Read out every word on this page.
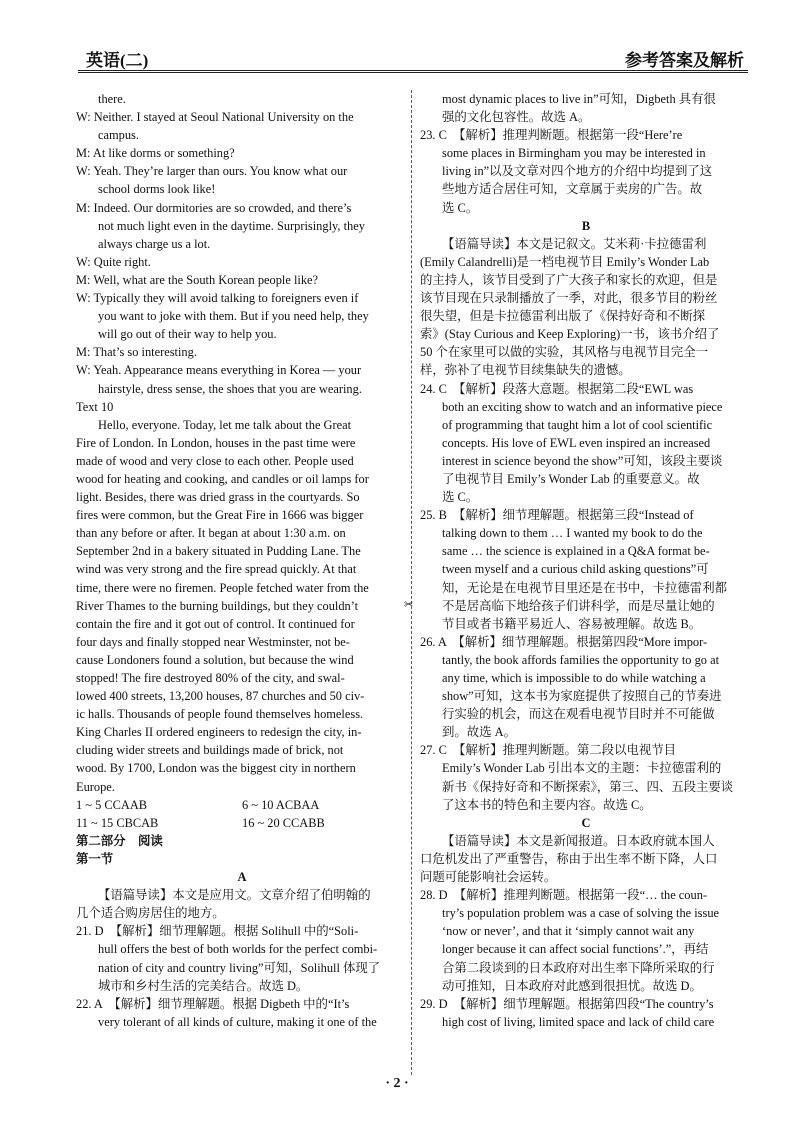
英语(二)	参考答案及解析
there.
W: Neither. I stayed at Seoul National University on the
campus.
M: At like dorms or something?
W: Yeah. They’re larger than ours. You know what our
school dorms look like!
M: Indeed. Our dormitories are so crowded, and there’s
not much light even in the daytime. Surprisingly, they
always charge us a lot.
W: Quite right.
M: Well, what are the South Korean people like?
W: Typically they will avoid talking to foreigners even if
you want to joke with them. But if you need help, they
will go out of their way to help you.
M: That’s so interesting.
W: Yeah. Appearance means everything in Korea — your
hairstyle, dress sense, the shoes that you are wearing.
Text 10
Hello, everyone. Today, let me talk about the Great
Fire of London. In London, houses in the past time were
made of wood and very close to each other. People used
wood for heating and cooking, and candles or oil lamps for
light. Besides, there was dried grass in the courtyards. So
fires were common, but the Great Fire in 1666 was bigger
than any before or after. It began at about 1:30 a.m. on
September 2nd in a bakery situated in Pudding Lane. The
wind was very strong and the fire spread quickly. At that
time, there were no firemen. People fetched water from the
River Thames to the burning buildings, but they couldn’t
contain the fire and it got out of control. It continued for
four days and finally stopped near Westminster, not be-
cause Londoners found a solution, but because the wind
stopped! The fire destroyed 80% of the city, and swal-
lowed 400 streets, 13,200 houses, 87 churches and 50 civ-
ic halls. Thousands of people found themselves homeless.
King Charles II ordered engineers to redesign the city, in-
cluding wider streets and buildings made of brick, not
wood. By 1700, London was the biggest city in northern
Europe.
1 ~ 5 CCAAB	6 ~ 10 ACBAA
11 ~ 15 CBCAB	16 ~ 20 CCABB
第二部分　阅读
第一节
A
【语篇导读】本文是应用文。文章介绍了伯明翰的
几个适合购房居住的地方。
21. D　【解析】细节理解题。根据 Solihull 中的“Soli-
hull offers the best of both worlds for the perfect combi-
nation of city and country living”可知，Solihull 体现了
城市和乡村生活的完美结合。故选 D。
22. A　【解析】细节理解题。根据 Digbeth 中的“It’s
very tolerant of all kinds of culture, making it one of the
✂
most dynamic places to live in”可知，Digbeth 具有很
强的文化包容性。故选 A。
23. C　【解析】推理判断题。根据第一段“Here’re
some places in Birmingham you may be interested in
living in”以及文章对四个地方的介绍中均提到了这
些地方适合居住可知，文章属于卖房的广告。故
选 C。
B
【语篇导读】本文是记叙文。艾米莉·卡拉德雷利
(Emily Calandrelli)是一档电视节目 Emily’s Wonder Lab
的主持人，该节目受到了广大孩子和家长的欢迎，但是
该节目现在只录制播放了一季，对此，很多节目的粉丝
很失望，但是卡拉德雷利出版了《保持好奇和不断探
索》(Stay Curious and Keep Exploring)一书，该书介绍了
50 个在家里可以做的实验，其风格与电视节目完全一
样，弥补了电视节目续集缺失的遗憾。
24. C　【解析】段落大意题。根据第二段“EWL was
both an exciting show to watch and an informative piece
of programming that taught him a lot of cool scientific
concepts. His love of EWL even inspired an increased
interest in science beyond the show”可知，该段主要谈
了电视节目 Emily’s Wonder Lab 的重要意义。故
选 C。
25. B　【解析】细节理解题。根据第三段“Instead of
talking down to them … I wanted my book to do the
same … the science is explained in a Q&A format be-
tween myself and a curious child asking questions”可
知，无论是在电视节目里还是在书中，卡拉德雷利都
不是居高临下地给孩子们讲科学，而是尽量让她的
节目或者书籍平易近人、容易被理解。故选 B。
26. A　【解析】细节理解题。根据第四段“More impor-
tantly, the book affords families the opportunity to go at
any time, which is impossible to do while watching a
show”可知，这本书为家庭提供了按照自己的节奏进
行实验的机会，而这在观看电视节目时并不可能做
到。故选 A。
27. C　【解析】推理判断题。第二段以电视节目
Emily’s Wonder Lab 引出本文的主题：卡拉德雷利的
新书《保持好奇和不断探索》，第三、四、五段主要谈
了这本书的特色和主要内容。故选 C。
C
【语篇导读】本文是新闻报道。日本政府就本国人
口危机发出了严重警告，称由于出生率不断下降，人口
问题可能影响社会运转。
28. D　【解析】推理判断题。根据第一段“… the coun-
try’s population problem was a case of solving the issue
‘now or never’, and that it ‘simply cannot wait any
longer because it can affect social functions’.”，再结
合第二段谈到的日本政府对出生率下降所采取的行
动可推知，日本政府对此感到很担忧。故选 D。
29. D　【解析】细节理解题。根据第四段“The country’s
high cost of living, limited space and lack of child care
· 2 ·
